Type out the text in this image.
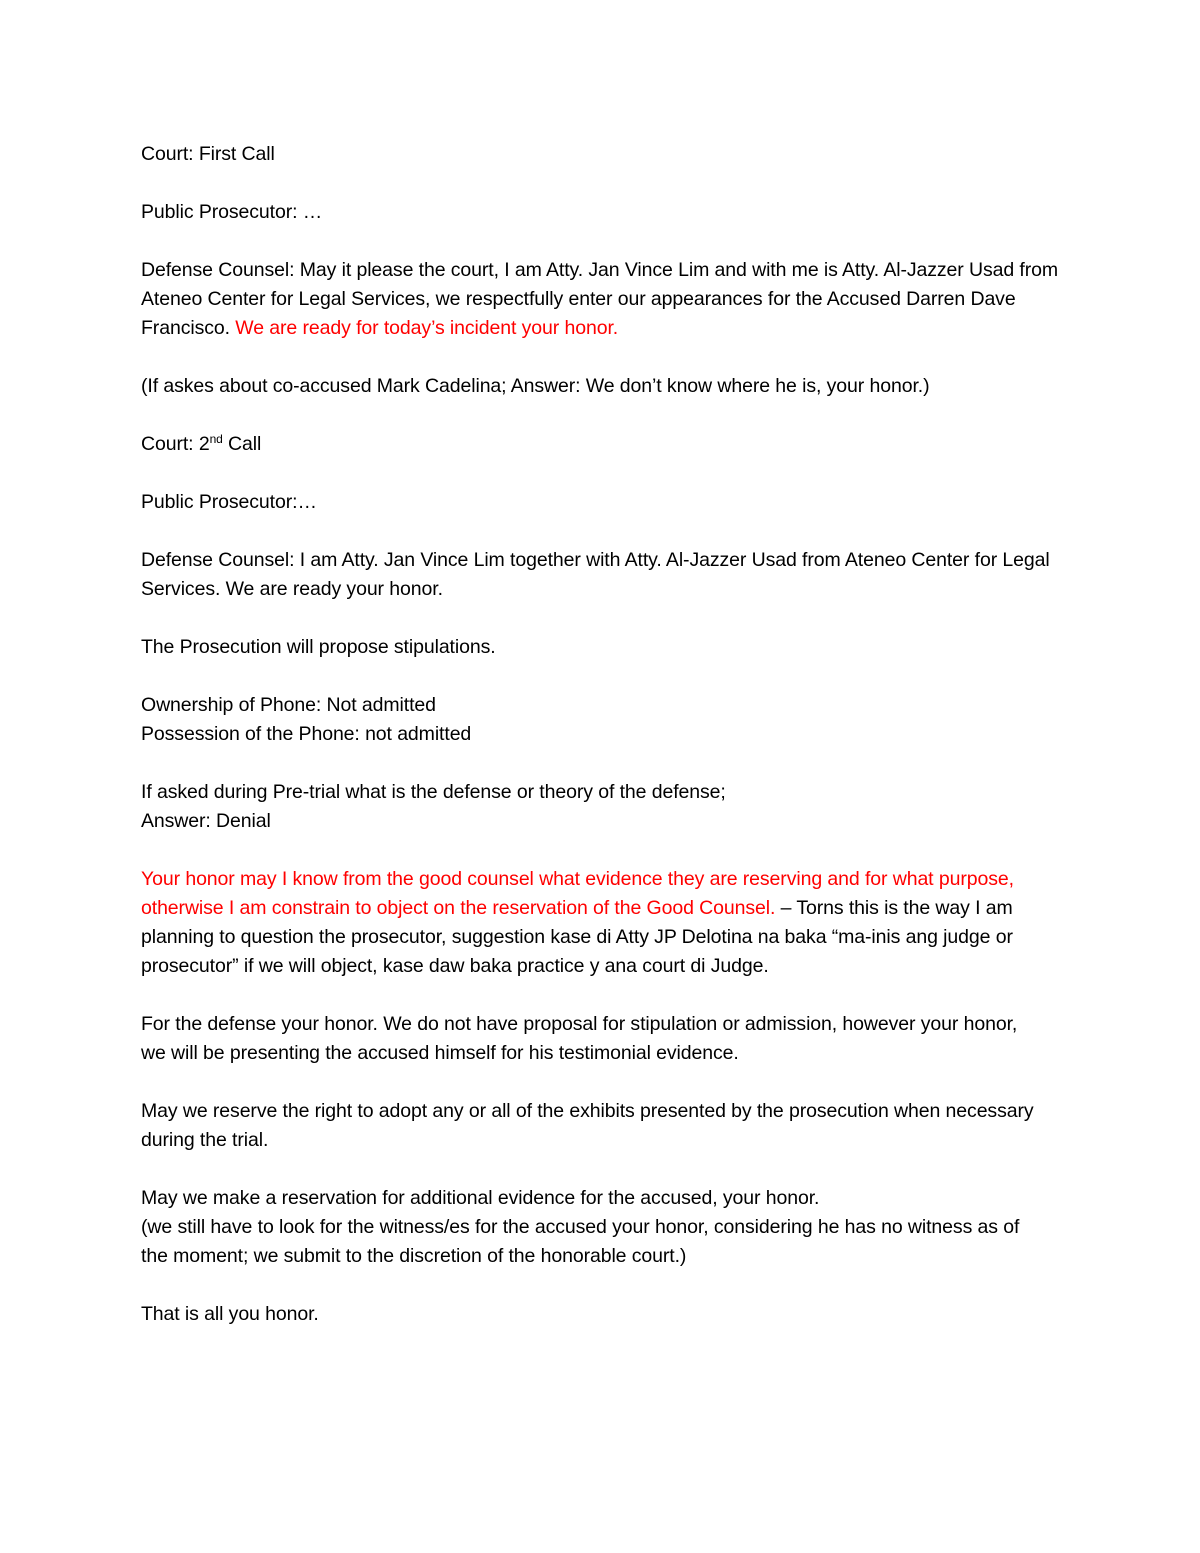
Court: First Call

Public Prosecutor: …

Defense Counsel: May it please the court, I am Atty. Jan Vince Lim and with me is Atty. Al-Jazzer Usad from Ateneo Center for Legal Services, we respectfully enter our appearances for the Accused Darren Dave Francisco. We are ready for today’s incident your honor.

(If askes about co-accused Mark Cadelina; Answer: We don’t know where he is, your honor.)

Court: 2nd Call

Public Prosecutor:…

Defense Counsel: I am Atty. Jan Vince Lim together with Atty. Al-Jazzer Usad from Ateneo Center for Legal Services. We are ready your honor.

The Prosecution will propose stipulations.

Ownership of Phone: Not admitted
Possession of the Phone: not admitted

If asked during Pre-trial what is the defense or theory of the defense;
Answer: Denial

Your honor may I know from the good counsel what evidence they are reserving and for what purpose, otherwise I am constrain to object on the reservation of the Good Counsel. – Torns this is the way I am planning to question the prosecutor, suggestion kase di Atty JP Delotina na baka “ma-inis ang judge or prosecutor” if we will object, kase daw baka practice y ana court di Judge.

For the defense your honor. We do not have proposal for stipulation or admission, however your honor, we will be presenting the accused himself for his testimonial evidence.

May we reserve the right to adopt any or all of the exhibits presented by the prosecution when necessary during the trial.

May we make a reservation for additional evidence for the accused, your honor.
(we still have to look for the witness/es for the accused your honor, considering he has no witness as of the moment; we submit to the discretion of the honorable court.)

That is all you honor.
